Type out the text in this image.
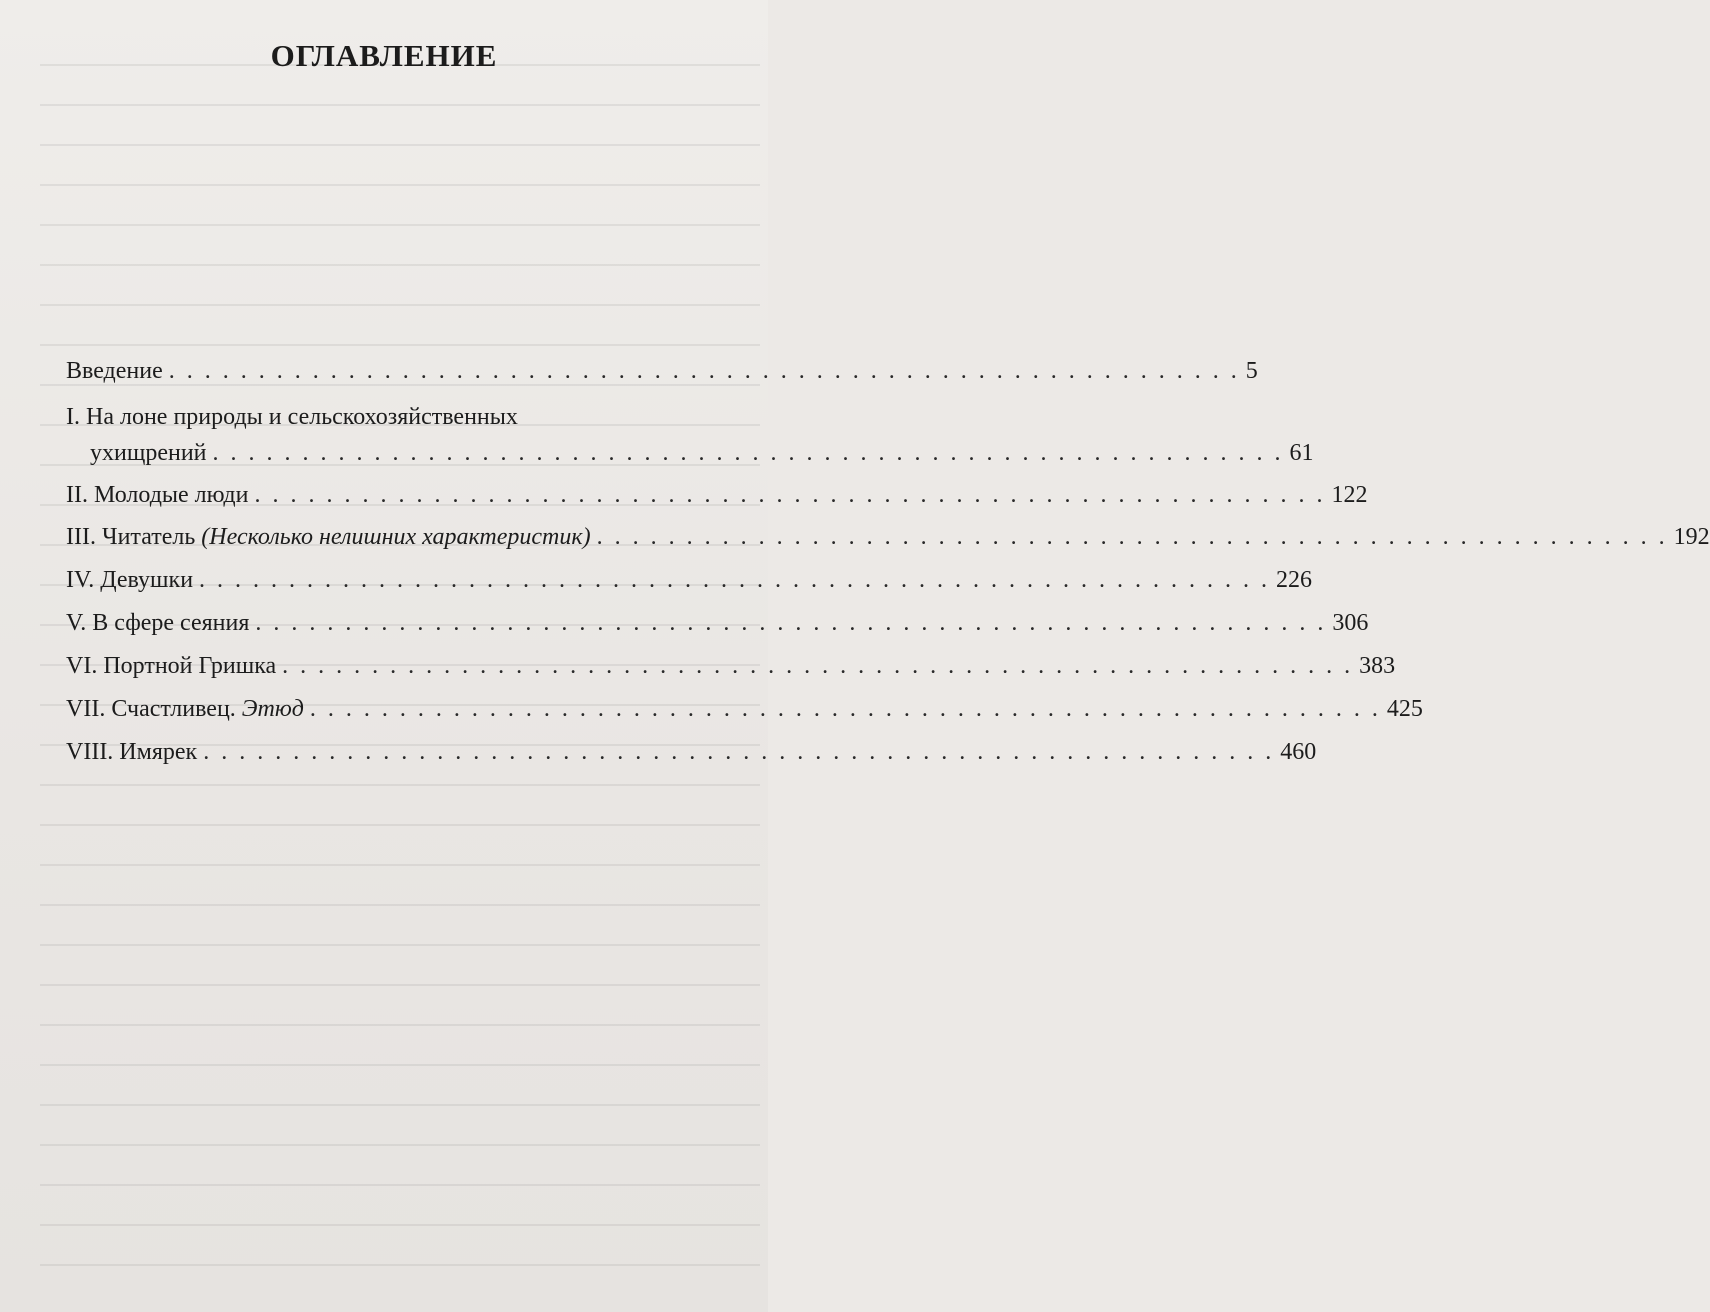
ОГЛАВЛЕНИЕ
Введение . . . . . . . . . . . . . . . . . . . . . . . . . . . . . . . . . . . . . . . . . . . . . . . . . . . . . . . . . . . . 5
I. На лоне природы и сельскохозяйственных
ухищрений . . . . . . . . . . . . . . . . . . . . . . . . . . . . . . . . . . . . . . . . . . . . . . . . . . . . . . . . . . . . 61
II. Молодые люди . . . . . . . . . . . . . . . . . . . . . . . . . . . . . . . . . . . . . . . . . . . . . . . . . . . . . . . . . . . . 122
III. Читатель (Несколько нелишних характеристик) . . . . . . . . . . . . . . . . . . . . . . . . . . . . . . . . . . . . . . . . . . . . . . . . . . . . . . . . . . . . 192
IV. Девушки . . . . . . . . . . . . . . . . . . . . . . . . . . . . . . . . . . . . . . . . . . . . . . . . . . . . . . . . . . . . 226
V. В сфере сеяния . . . . . . . . . . . . . . . . . . . . . . . . . . . . . . . . . . . . . . . . . . . . . . . . . . . . . . . . . . . . 306
VI. Портной Гришка . . . . . . . . . . . . . . . . . . . . . . . . . . . . . . . . . . . . . . . . . . . . . . . . . . . . . . . . . . . . 383
VII. Счастливец. Этюд . . . . . . . . . . . . . . . . . . . . . . . . . . . . . . . . . . . . . . . . . . . . . . . . . . . . . . . . . . . . 425
VIII. Имярек . . . . . . . . . . . . . . . . . . . . . . . . . . . . . . . . . . . . . . . . . . . . . . . . . . . . . . . . . . . . 460
